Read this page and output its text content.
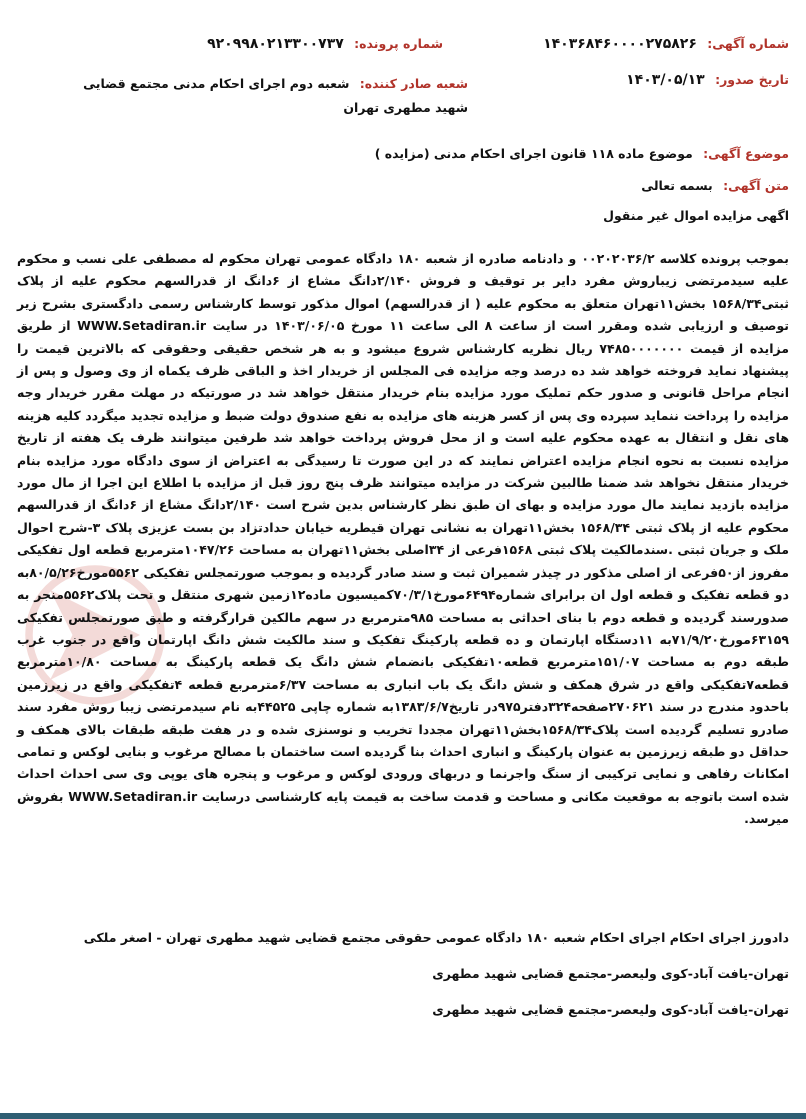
شماره آگهی: ۱۴۰۳۶۸۴۶۰۰۰۰۲۷۵۸۲۶
شماره پرونده: ۹۲۰۹۹۸۰۲۱۳۳۰۰۷۳۷
تاریخ صدور: ۱۴۰۳/۰۵/۱۳
شعبه صادر کننده: شعبه دوم اجرای احکام مدنی مجتمع قضایی شهید مطهری تهران
موضوع آگهی: موضوع ماده ۱۱۸ قانون اجرای احکام مدنی (مزایده )
متن آگهی: بسمه تعالی
اگهی مزایده اموال غیر منقول
بموجب پرونده کلاسه ۰۰۲۰۲۰۳۶/۲ و دادنامه صادره از شعبه ۱۸۰ دادگاه عمومی تهران محکوم له مصطفی علی نسب و محکوم علیه سیدمرتضی زیباروش مفرد دایر بر توقیف و فروش ۲/۱۴۰دانگ مشاع از ۶دانگ از قدرالسهم محکوم علیه از پلاک ثبتی۱۵۶۸/۳۴ بخش۱۱تهران متعلق به محکوم علیه ( از قدرالسهم) اموال مذکور توسط کارشناس رسمی دادگستری بشرح زیر توصیف و ارزیابی شده ومقرر است از ساعت ۸ الی ساعت ۱۱ مورخ ۱۴۰۳/۰۶/۰۵ در سایت WWW.Setadiran.ir از طریق مزایده از قیمت ۷۴۸۵۰۰۰۰۰۰۰ ریال نظریه کارشناس شروع میشود و به هر شخص حقیقی وحقوقی که بالاترین قیمت را پیشنهاد نماید فروخته خواهد شد ده درصد وجه مزایده فی المجلس از خریدار اخذ و الباقی ظرف یکماه از وی وصول و پس از انجام مراحل قانونی و صدور حکم تملیک مورد مزایده بنام خریدار منتقل خواهد شد در صورتیکه در مهلت مقرر خریدار وجه مزایده را پرداخت ننماید سپرده وی پس از کسر هزینه های مزایده به نفع صندوق دولت ضبط و مزایده تجدید میگردد کلیه هزینه های نقل و انتقال به عهده محکوم علیه است و از محل فروش پرداخت خواهد شد طرفین میتوانند ظرف یک هفته از تاریخ مزایده نسبت به نحوه انجام مزایده اعتراض نمایند که در این صورت تا رسیدگی به اعتراض از سوی دادگاه مورد مزایده بنام خریدار منتقل نخواهد شد ضمنا طالبین شرکت در مزایده میتوانند ظرف پنج روز قبل از مزایده با اطلاع این اجرا از مال مورد مزایده بازدید نمایند مال مورد مزایده و بهای ان طبق نظر کارشناس بدین شرح است ۲/۱۴۰دانگ مشاع از ۶دانگ از قدرالسهم محکوم علیه از پلاک ثبتی ۱۵۶۸/۳۴ بخش۱۱تهران به نشانی تهران قیطریه خیابان حدادتزاد بن بست عزیزی پلاک ۳-شرح احوال ملک و جریان ثبتی .سندمالکیت پلاک ثبتی ۱۵۶۸فرعی از ۳۴اصلی بخش۱۱تهران به مساحت ۱۰۴۷/۲۶مترمربع قطعه اول تفکیکی مفروز از۵۰فرعی از اصلی مذکور در چیذر شمیران ثبت و سند صادر گردیده و بموجب صورتمجلس تفکیکی ۵۵۶۲مورخ۸۰/۵/۲۶به دو قطعه تفکیک و قطعه اول ان برابرای شماره۶۴۹۴مورخ۷۰/۳/۱کمیسیون ماده۱۲زمین شهری منتقل و تحت پلاک۵۵۶۲منجر به صدورسند گردیده و قطعه دوم با بنای احداثی به مساحت ۹۸۵مترمربع در سهم مالکین قرارگرفته و طبق صورتمجلس تفکیکی ۶۳۱۵۹مورخ۷۱/۹/۲۰به ۱۱دستگاه اپارتمان و ده قطعه پارکینگ تفکیک و سند مالکیت شش دانگ اپارتمان واقع در جنوب غرب طبقه دوم به مساحت ۱۵۱/۰۷مترمربع قطعه۱۰تفکیکی بانضمام شش دانگ یک قطعه پارکینگ به مساحت ۱۰/۸۰مترمربع قطعه۷تفکیکی واقع در شرق همکف و شش دانگ یک باب انباری به مساحت ۶/۳۷مترمربع قطعه ۴تفکیکی واقع در زیرزمین باحدود مندرج در سند ۲۷۰۶۲۱صفحه۳۲۴دفتر۹۷۵در تاریخ۱۳۸۳/۶/۷به شماره چاپی ۴۴۵۲۵به نام سیدمرتضی زیبا روش مفرد سند صادرو تسلیم گردیده است پلاک۱۵۶۸/۳۴بخش۱۱تهران مجددا تخریب و نوسنزی شده و در هفت طبقه طبقات بالای همکف و حداقل دو طبقه زیرزمین به عنوان پارکینگ و انباری احداث بنا گردیده است ساختمان با مصالح مرغوب و بنایی لوکس و تمامی امکانات رفاهی و نمایی ترکیبی از سنگ واجرنما و دربهای ورودی لوکس و مرغوب و پنجره های یوپی وی سی احداث احداث شده است باتوجه به موقعیت مکانی و مساحت و قدمت ساخت به قیمت پایه کارشناسی درسایت WWW.Setadiran.ir بفروش میرسد.
دادورز اجرای احکام اجرای احکام شعبه ۱۸۰ دادگاه عمومی حقوقی مجتمع قضایی شهید مطهری تهران - اصغر ملکی
تهران-یافت آباد-کوی ولیعصر-مجتمع قضایی شهید مطهری
تهران-یافت آباد-کوی ولیعصر-مجتمع قضایی شهید مطهری
